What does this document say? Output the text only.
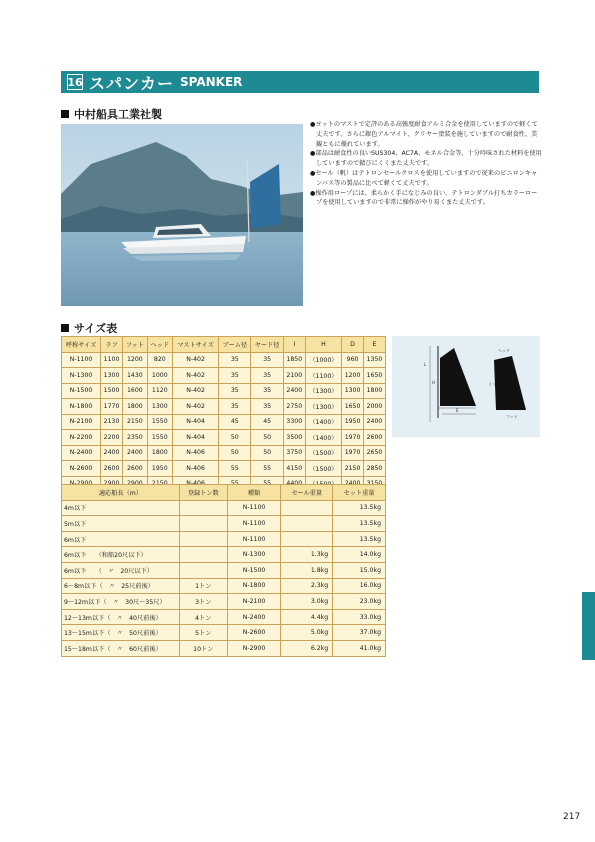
16 スパンカー SPANKER
中村船具工業社製
●ヨットのマストで定評のある高強度耐食アルミ合金を使用していますので軽くて丈夫です。さらに銀色アルマイト、クリヤー塗装を施していますので耐食性、美観ともに優れています。
●部品は耐食性の良いSUS304、AC7A、モネル合金等、十分吟味された材料を使用していますので錆びにくくまた丈夫です。
●セール（帆）はテトロンセールクロスを使用していますので従来のビニロンキャンバス等の製品に比べて軽くて丈夫です。
●操作用ロープには、柔らかく手になじみの良い、テトロンダブル打ちカラーロープを使用していますので非常に操作がやり易くまた丈夫です。
サイズ表
呼称サイズ	ラフ	フット	ヘッド	マストサイズ	ブーム径	ヤード径	I	H	D	E
N-1100	1100	1200	820	N-402	35	35	1850	（1000）	960	1350
N-1300	1300	1430	1000	N-402	35	35	2100	（1100）	1200	1650
N-1500	1500	1600	1120	N-402	35	35	2400	（1300）	1300	1800
N-1800	1770	1800	1300	N-402	35	35	2750	（1300）	1650	2000
N-2100	2130	2150	1550	N-404	45	45	3300	（1400）	1950	2400
N-2200	2200	2350	1550	N-404	50	50	3500	（1400）	1970	2600
N-2400	2400	2400	1800	N-406	50	50	3750	（1500）	1970	2650
N-2600	2600	2600	1950	N-406	55	55	4150	（1500）	2150	2850

適応船長（m）	登録トン数	種類	セール重量	セット重量
4m以下		N-1100		13.5kg
5m以下		N-1100		13.5kg
6m以下		N-1100		13.5kg
6m以下　　（和船20尺以下）		N-1300	1.3kg	14.0kg
6m以下　　（　〃　20尺以下）		N-1500	1.8kg	15.0kg
6〜8m以下（　〃　25尺前後）	1トン	N-1800	2.3kg	16.0kg
9〜12m以下（　〃　30尺〜35尺）	3トン	N-2100	3.0kg	23.0kg
12〜13m以下（　〃　40尺前後）	4トン	N-2400	4.4kg	33.0kg
13〜15m以下（　〃　50尺前後）	5トン	N-2600	5.0kg	37.0kg
15〜18m以下（　〃　60尺前後）	10トン	N-2900	6.2kg	41.0kg
L
H
E
ヘッド
ラフ
フット
217
